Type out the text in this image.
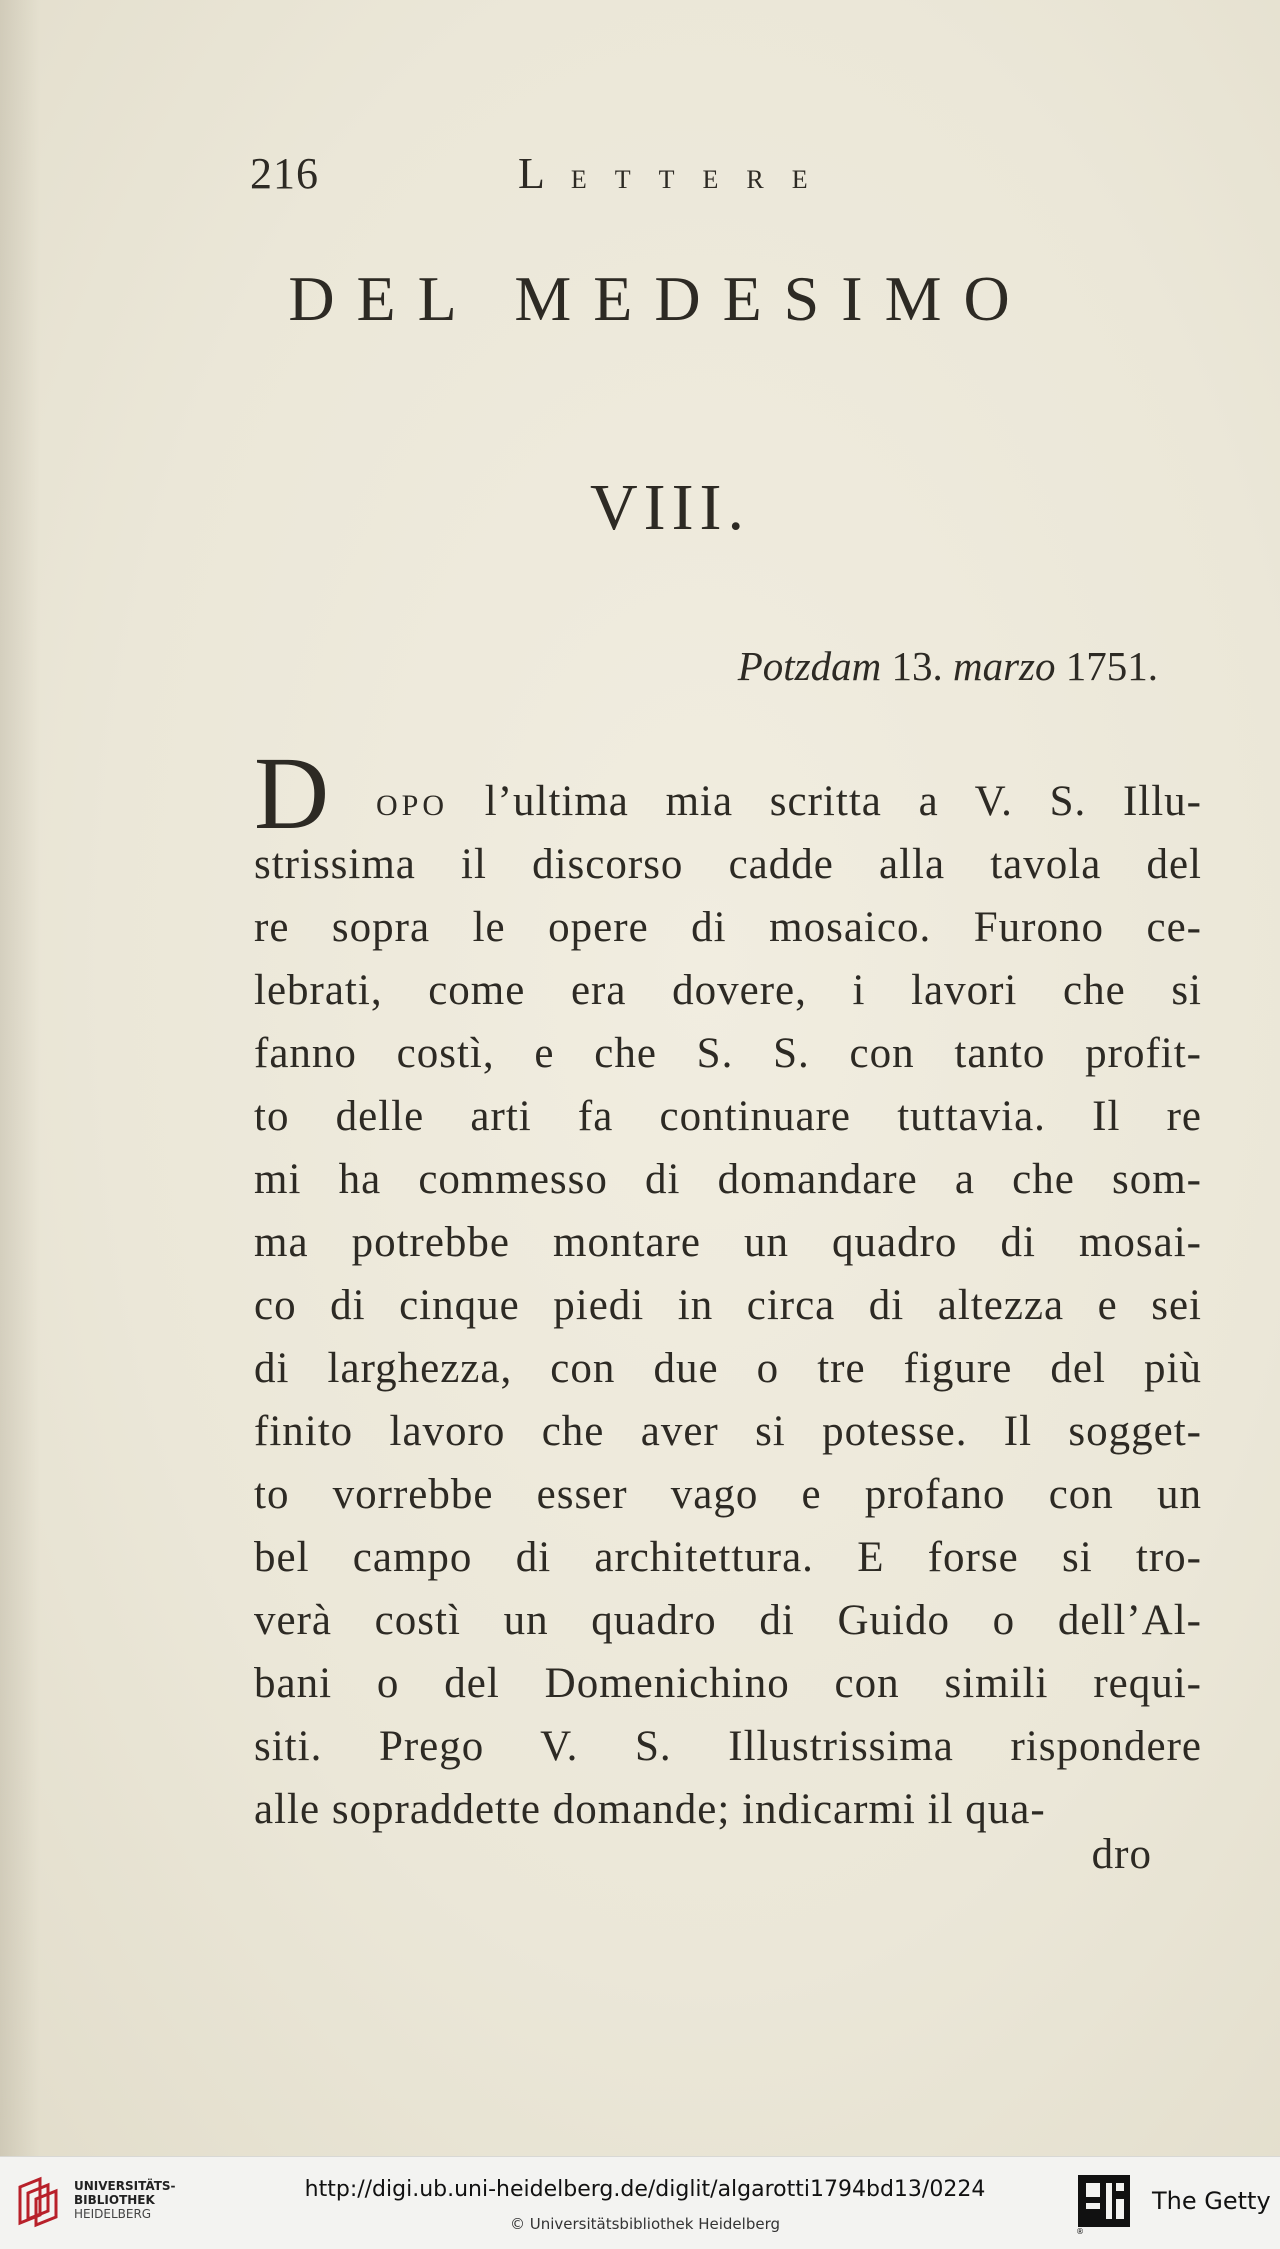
216	L ETTERE
DEL MEDESIMO
VIII.
Potzdam 13. marzo 1751.
D OPO l’ultima mia scritta a V. S. Illu-
strissima il discorso cadde alla tavola del
re sopra le opere di mosaico. Furono ce-
lebrati, come era dovere, i lavori che si
fanno costì, e che S. S. con tanto profit-
to delle arti fa continuare tuttavia. Il re
mi ha commesso di domandare a che som-
ma potrebbe montare un quadro di mosai-
co di cinque piedi in circa di altezza e sei
di larghezza, con due o tre figure del più
finito lavoro che aver si potesse. Il sogget-
to vorrebbe esser vago e profano con un
bel campo di architettura. E forse si tro-
verà costì un quadro di Guido o dell’Al-
bani o del Domenichino con simili requi-
siti. Prego V. S. Illustrissima rispondere
alle sopraddette domande; indicarmi il qua-
dro
UNIVERSITÄTS-
BIBLIOTHEK
HEIDELBERG
http://digi.ub.uni-heidelberg.de/diglit/algarotti1794bd13/0224
© Universitätsbibliothek Heidelberg	®
The Getty
